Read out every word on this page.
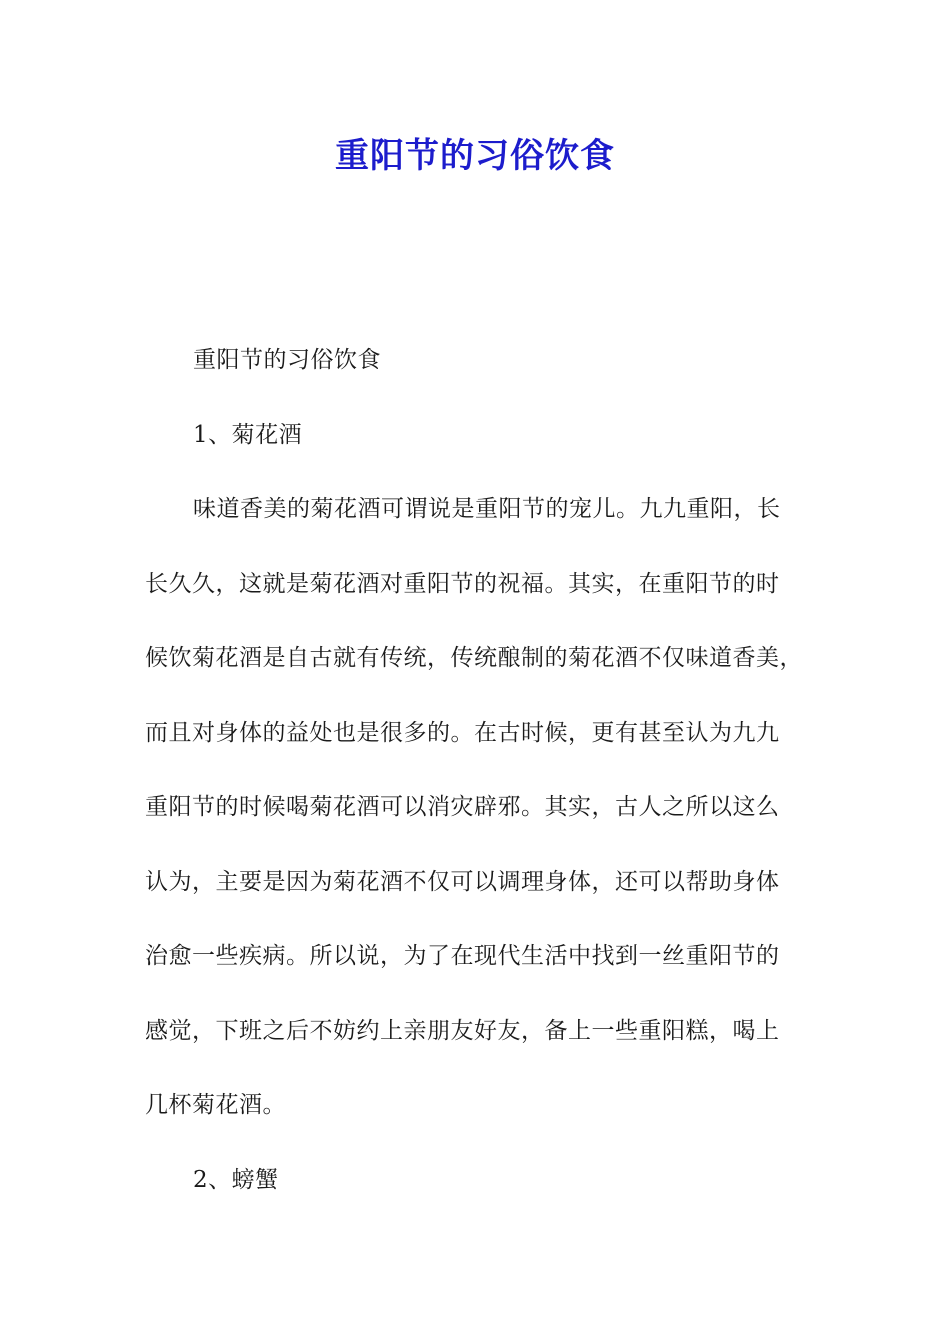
重阳节的习俗饮食
重阳节的习俗饮食
1、菊花酒
味道香美的菊花酒可谓说是重阳节的宠儿。九九重阳，长
长久久，这就是菊花酒对重阳节的祝福。其实，在重阳节的时
候饮菊花酒是自古就有传统，传统酿制的菊花酒不仅味道香美，
而且对身体的益处也是很多的。在古时候，更有甚至认为九九
重阳节的时候喝菊花酒可以消灾辟邪。其实，古人之所以这么
认为，主要是因为菊花酒不仅可以调理身体，还可以帮助身体
治愈一些疾病。所以说，为了在现代生活中找到一丝重阳节的
感觉，下班之后不妨约上亲朋友好友，备上一些重阳糕，喝上
几杯菊花酒。
2、螃蟹
